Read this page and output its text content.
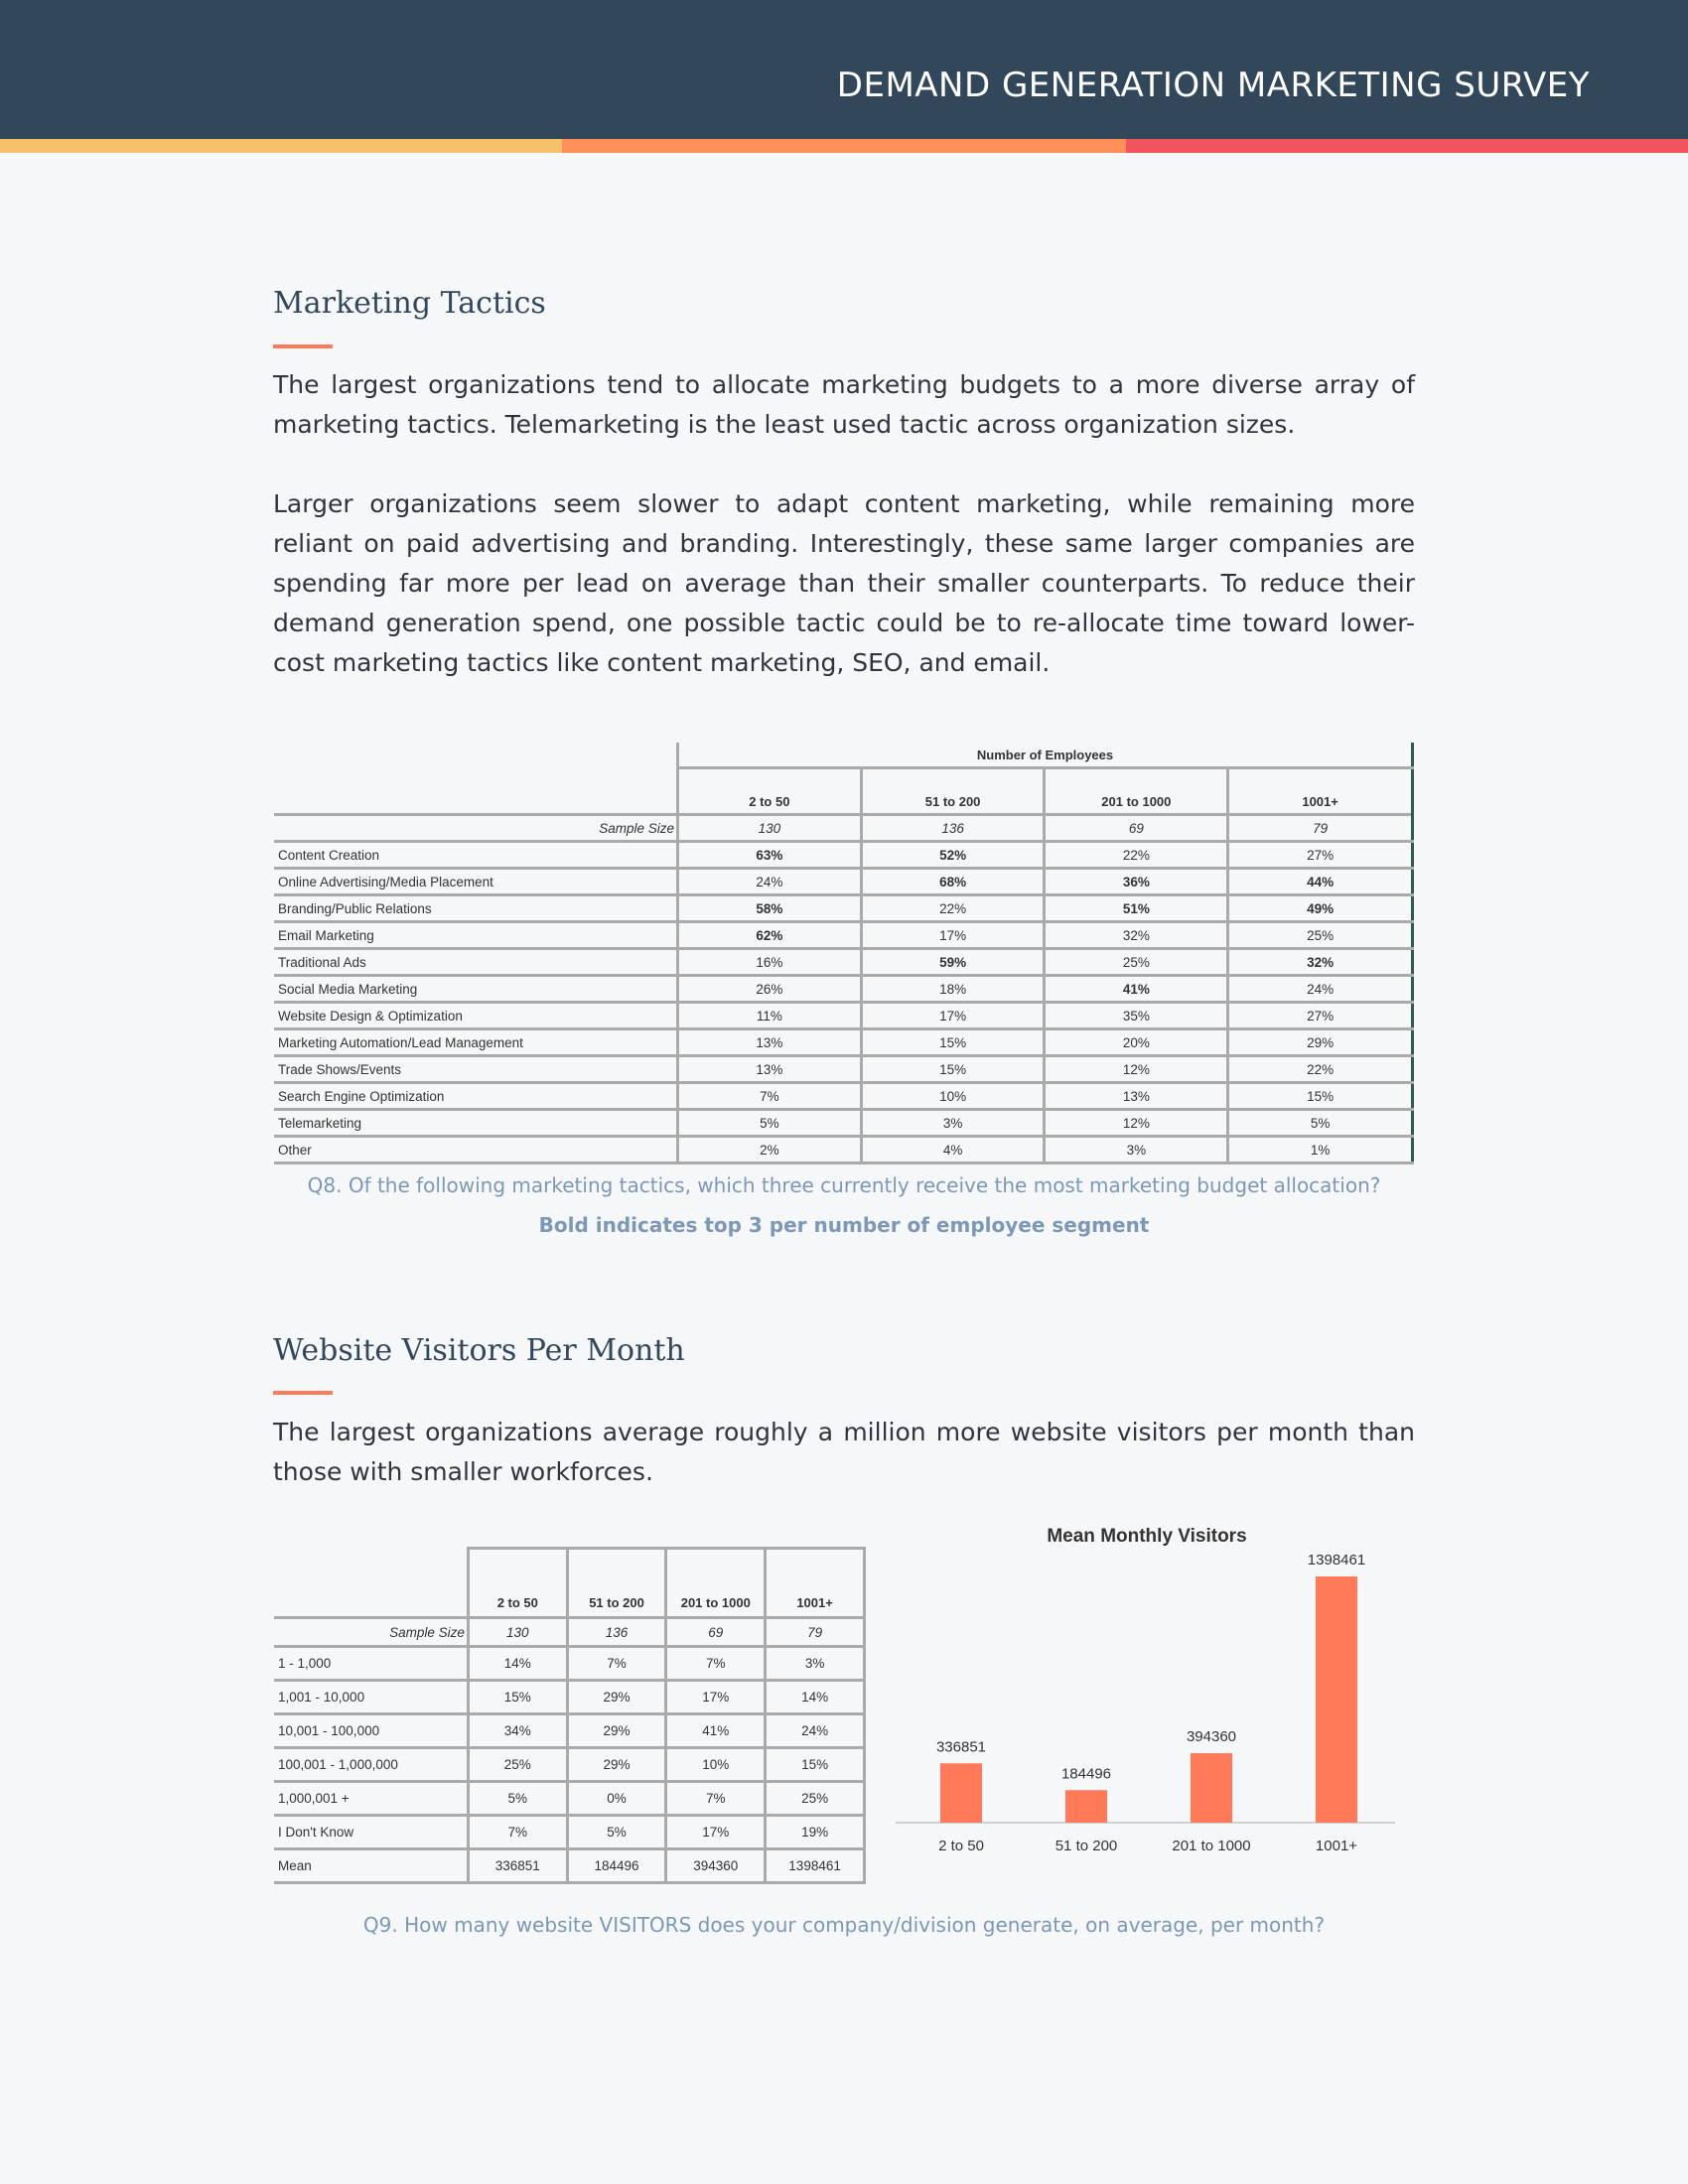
DEMAND GENERATION MARKETING SURVEY
Marketing Tactics

The largest organizations tend to allocate marketing budgets to a more diverse array of marketing tactics. Telemarketing is the least used tactic across organization sizes.

Larger organizations seem slower to adapt content marketing, while remaining more reliant on paid advertising and branding. Interestingly, these same larger companies are spending far more per lead on average than their smaller counterparts. To reduce their demand generation spend, one possible tactic could be to re-allocate time toward lower-cost marketing tactics like content marketing, SEO, and email.

	Number of Employees			
	2 to 50	51 to 200	201 to 1000	1001+
Sample Size	130	136	69	79
Content Creation	63%	52%	22%	27%
Online Advertising/Media Placement	24%	68%	36%	44%
Branding/Public Relations	58%	22%	51%	49%
Email Marketing	62%	17%	32%	25%
Traditional Ads	16%	59%	25%	32%
Social Media Marketing	26%	18%	41%	24%
Website Design & Optimization	11%	17%	35%	27%
Marketing Automation/Lead Management	13%	15%	20%	29%
Trade Shows/Events	13%	15%	12%	22%
Search Engine Optimization	7%	10%	13%	15%
Telemarketing	5%	3%	12%	5%
Other	2%	4%	3%	1%
Q8. Of the following marketing tactics, which three currently receive the most marketing budget allocation?
Bold indicates top 3 per number of employee segment
Website Visitors Per Month

The largest organizations average roughly a million more website visitors per month than those with smaller workforces.

	2 to 50	51 to 200	201 to 1000	1001+
Sample Size	130	136	69	79
1 - 1,000	14%	7%	7%	3%
1,001 - 10,000	15%	29%	17%	14%
10,001 - 100,000	34%	29%	41%	24%
100,001 - 1,000,000	25%	29%	10%	15%
1,000,001 +	5%	0%	7%	25%
I Don't Know	7%	5%	17%	19%
Mean	336851	184496	394360	1398461
Mean Monthly Visitors
336851
2 to 50
184496
51 to 200
394360
201 to 1000
1398461
1001+
Q9. How many website VISITORS does your company/division generate, on average, per month?
